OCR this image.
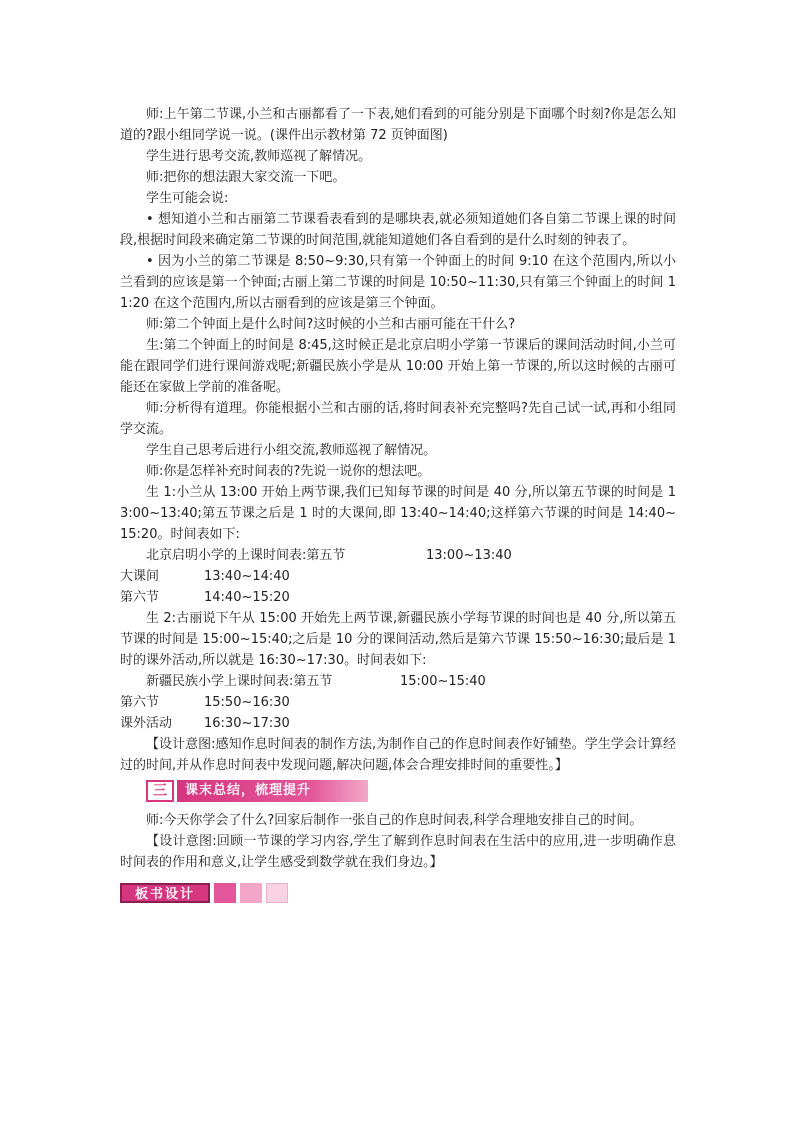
师:上午第二节课,小兰和古丽都看了一下表,她们看到的可能分别是下面哪个时刻?你是怎么知道的?跟小组同学说一说。(课件出示教材第 72 页钟面图)

学生进行思考交流,教师巡视了解情况。

师:把你的想法跟大家交流一下吧。

学生可能会说:

• 想知道小兰和古丽第二节课看表看到的是哪块表,就必须知道她们各自第二节课上课的时间段,根据时间段来确定第二节课的时间范围,就能知道她们各自看到的是什么时刻的钟表了。

• 因为小兰的第二节课是 8:50~9:30,只有第一个钟面上的时间 9:10 在这个范围内,所以小兰看到的应该是第一个钟面;古丽上第二节课的时间是 10:50~11:30,只有第三个钟面上的时间 11:20 在这个范围内,所以古丽看到的应该是第三个钟面。

师:第二个钟面上是什么时间?这时候的小兰和古丽可能在干什么?

生:第二个钟面上的时间是 8:45,这时候正是北京启明小学第一节课后的课间活动时间,小兰可能在跟同学们进行课间游戏呢;新疆民族小学是从 10:00 开始上第一节课的,所以这时候的古丽可能还在家做上学前的准备呢。

师:分析得有道理。你能根据小兰和古丽的话,将时间表补充完整吗?先自己试一试,再和小组同学交流。

学生自己思考后进行小组交流,教师巡视了解情况。

师:你是怎样补充时间表的?先说一说你的想法吧。

生 1:小兰从 13:00 开始上两节课,我们已知每节课的时间是 40 分,所以第五节课的时间是 13:00~13:40;第五节课之后是 1 时的大课间,即 13:40~14:40;这样第六节课的时间是 14:40~15:20。时间表如下:

北京启明小学的上课时间表:第五节	13:00~13:40
大课间	13:40~14:40
第六节	14:40~15:20

生 2:古丽说下午从 15:00 开始先上两节课,新疆民族小学每节课的时间也是 40 分,所以第五节课的时间是 15:00~15:40;之后是 10 分的课间活动,然后是第六节课 15:50~16:30;最后是 1 时的课外活动,所以就是 16:30~17:30。时间表如下:

新疆民族小学上课时间表:第五节	15:00~15:40
第六节	15:50~16:30
课外活动	16:30~17:30

【设计意图:感知作息时间表的制作方法,为制作自己的作息时间表作好铺垫。学生学会计算经过的时间,并从作息时间表中发现问题,解决问题,体会合理安排时间的重要性。】

三	课末总结，梳理提升

师:今天你学会了什么?回家后制作一张自己的作息时间表,科学合理地安排自己的时间。

【设计意图:回顾一节课的学习内容,学生了解到作息时间表在生活中的应用,进一步明确作息时间表的作用和意义,让学生感受到数学就在我们身边。】

板书设计
